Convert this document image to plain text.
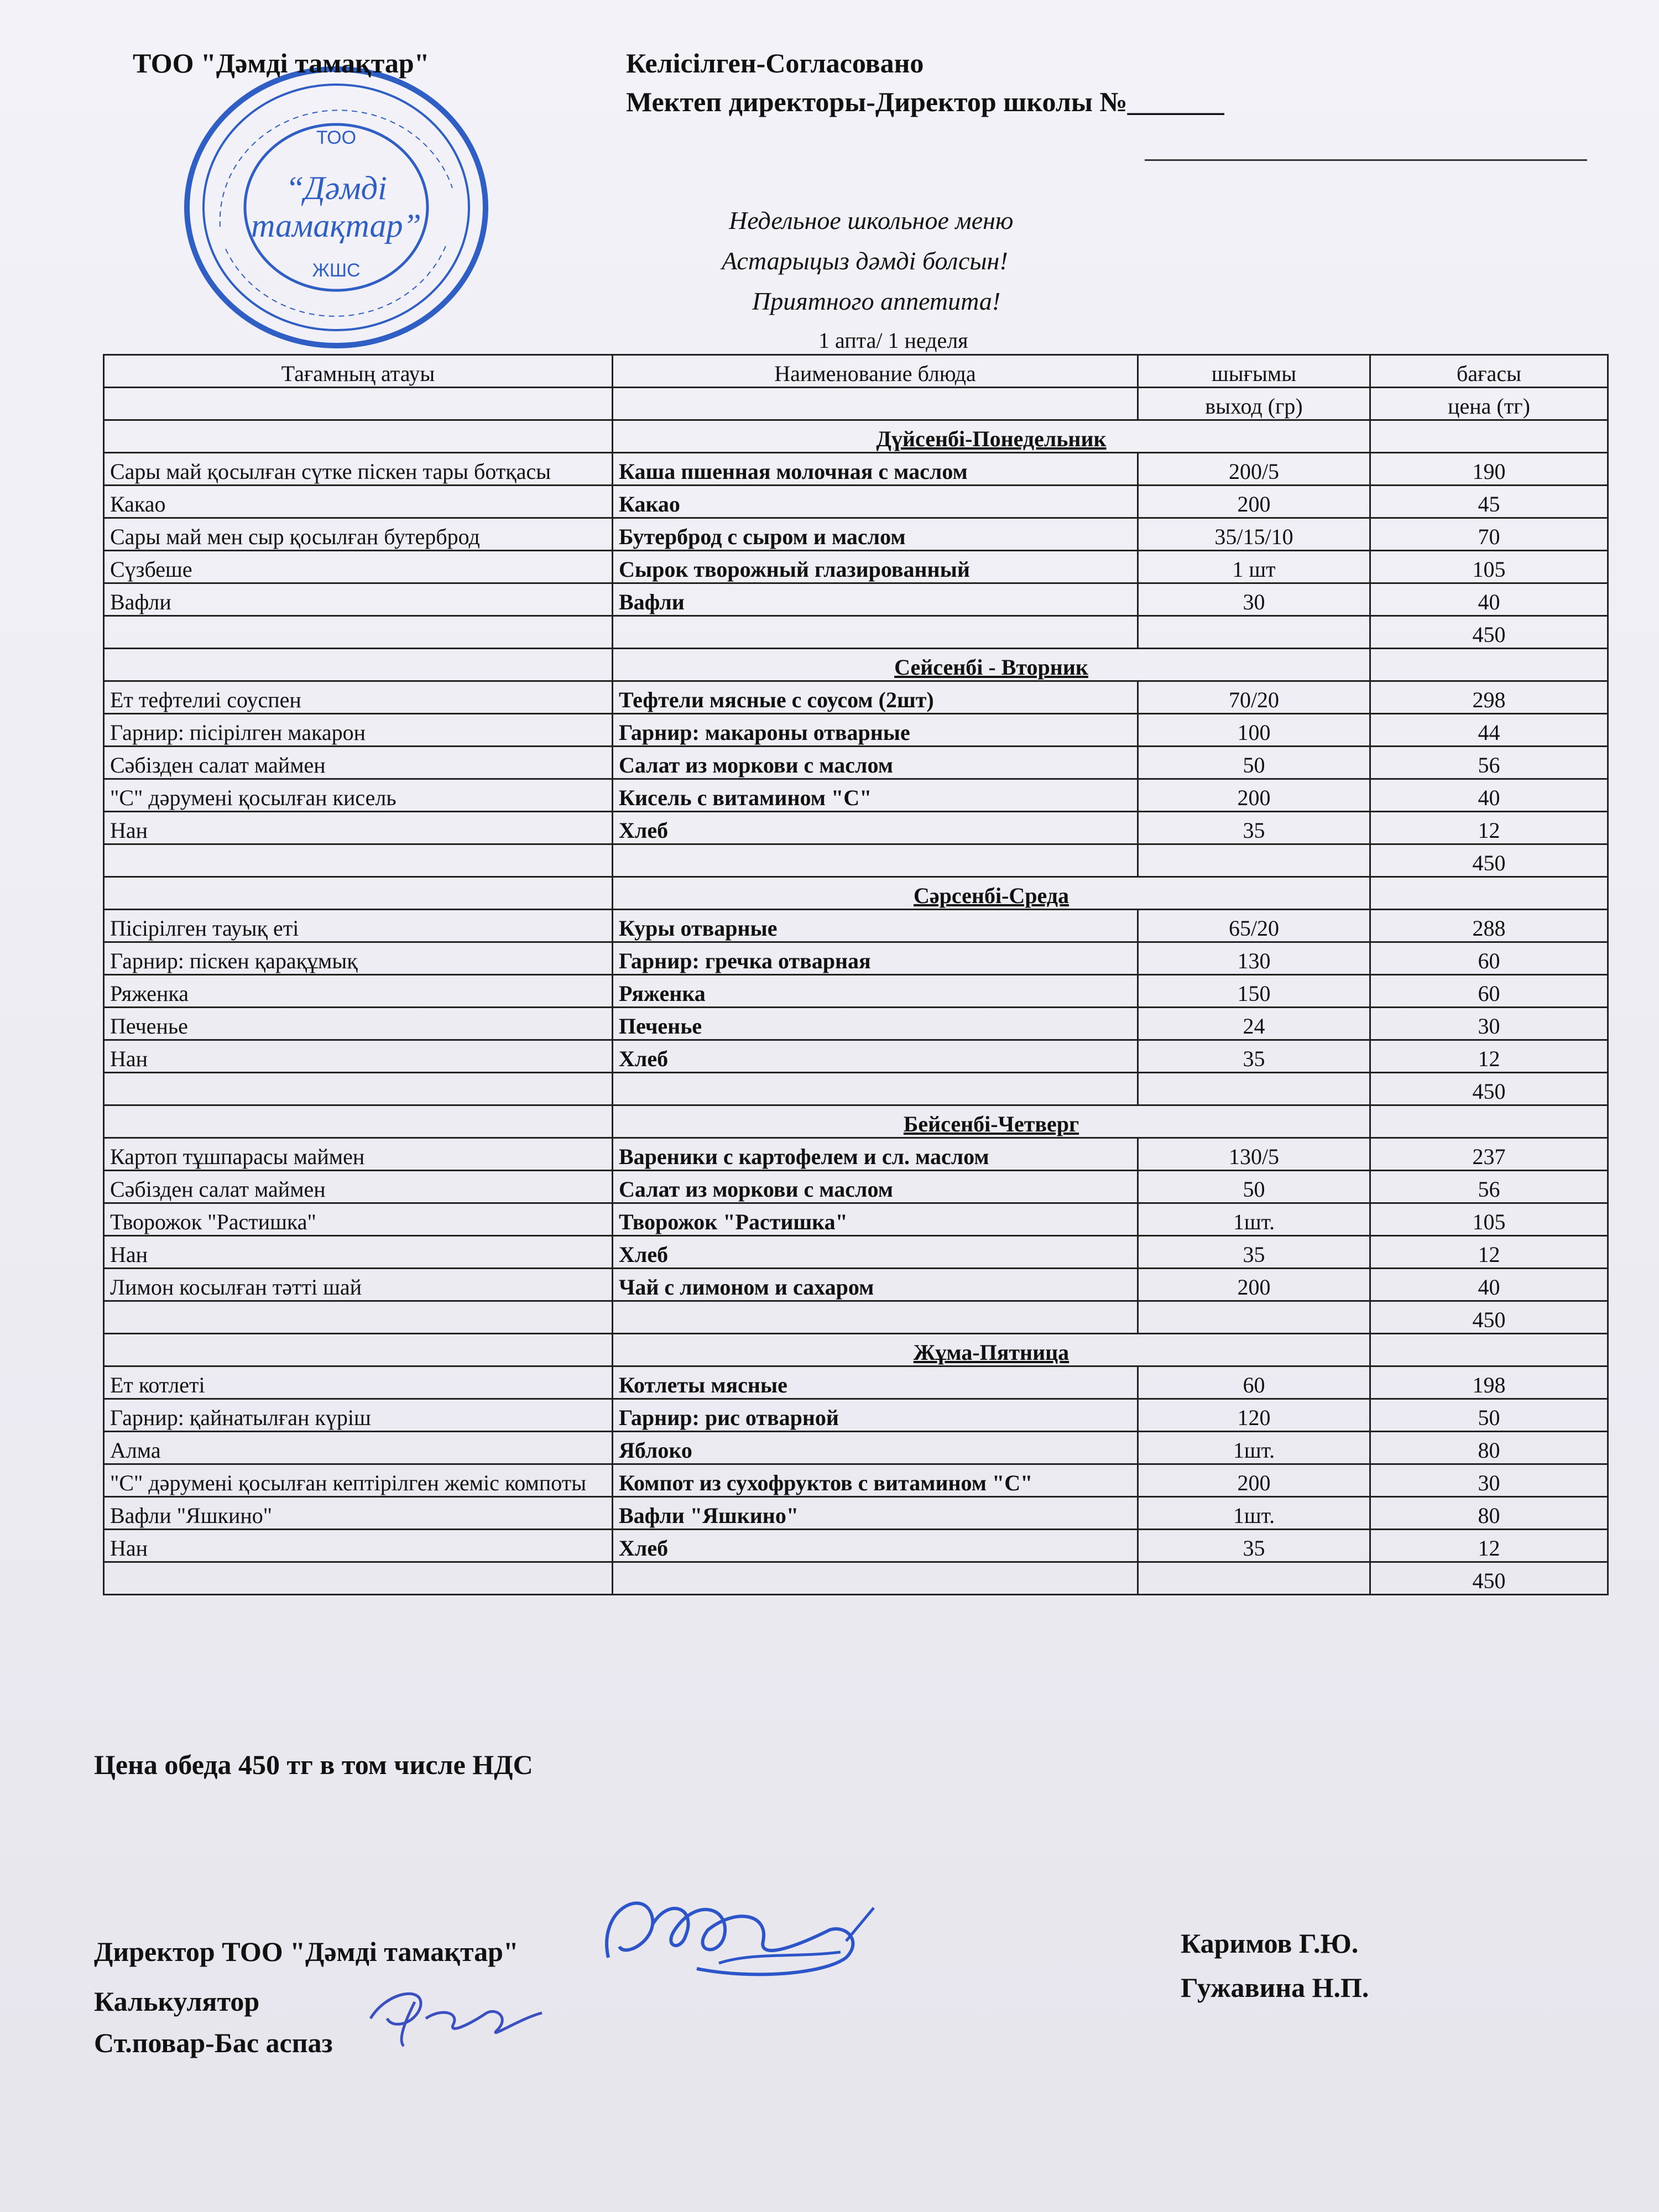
ТОО
“Дәмді
тамақтар”
ЖШС
ТОО "Дәмді тамақтар"	Келісілген-Согласовано
Мектеп директоры-Директор школы №_______
Недельное школьное меню
Астарыцыз дәмді болсын!
Приятного аппетита!
1 апта/ 1 неделя
Тағамның атауы	Наименование блюда	шығымы	бағасы
		выход (гр)	цена (тг)
	Дүйсенбі-Понедельник		
Сары май қосылған сүтке піскен тары ботқасы	Каша пшенная молочная с маслом	200/5	190
Какао	Какао	200	45
Сары май мен сыр қосылған бутерброд	Бутерброд с сыром и маслом	35/15/10	70
Сүзбеше	Сырок творожный глазированный	1 шт	105
Вафли	Вафли	30	40
			450
	Сейсенбі - Вторник		
Ет тефтелиі соуспен	Тефтели мясные с соусом (2шт)	70/20	298
Гарнир: пісірілген макарон	Гарнир: макароны отварные	100	44
Сәбізден салат маймен	Салат из моркови с маслом	50	56
"С" дәрумені қосылған кисель	Кисель с витамином "С"	200	40
Нан	Хлеб	35	12
			450
	Сәрсенбі-Среда		
Пісірілген тауық еті	Куры отварные	65/20	288
Гарнир: піскен қарақұмық	Гарнир: гречка отварная	130	60
Ряженка	Ряженка	150	60
Печенье	Печенье	24	30
Нан	Хлеб	35	12
			450
	Бейсенбі-Четверг		
Картоп тұшпарасы маймен	Вареники с картофелем и сл. маслом	130/5	237
Сәбізден салат маймен	Салат из моркови с маслом	50	56
Творожок "Растишка"	Творожок "Растишка"	1шт.	105
Нан	Хлеб	35	12
Лимон косылған тәтті шай	Чай с лимоном и сахаром	200	40
			450
	Жұма-Пятница		
Ет котлеті	Котлеты мясные	60	198
Гарнир: қайнатылған күріш	Гарнир: рис отварной	120	50
Алма	Яблоко	1шт.	80
"С" дәрумені қосылған кептірілген жеміс компоты	Компот из сухофруктов с витамином "С"	200	30
Вафли "Яшкино"	Вафли "Яшкино"	1шт.	80
Нан	Хлеб	35	12
			450
Цена обеда 450 тг в том числе НДС
Директор ТОО "Дәмді тамақтар"
Калькулятор
Ст.повар-Бас аспаз
Каримов Г.Ю.
Гужавина Н.П.
